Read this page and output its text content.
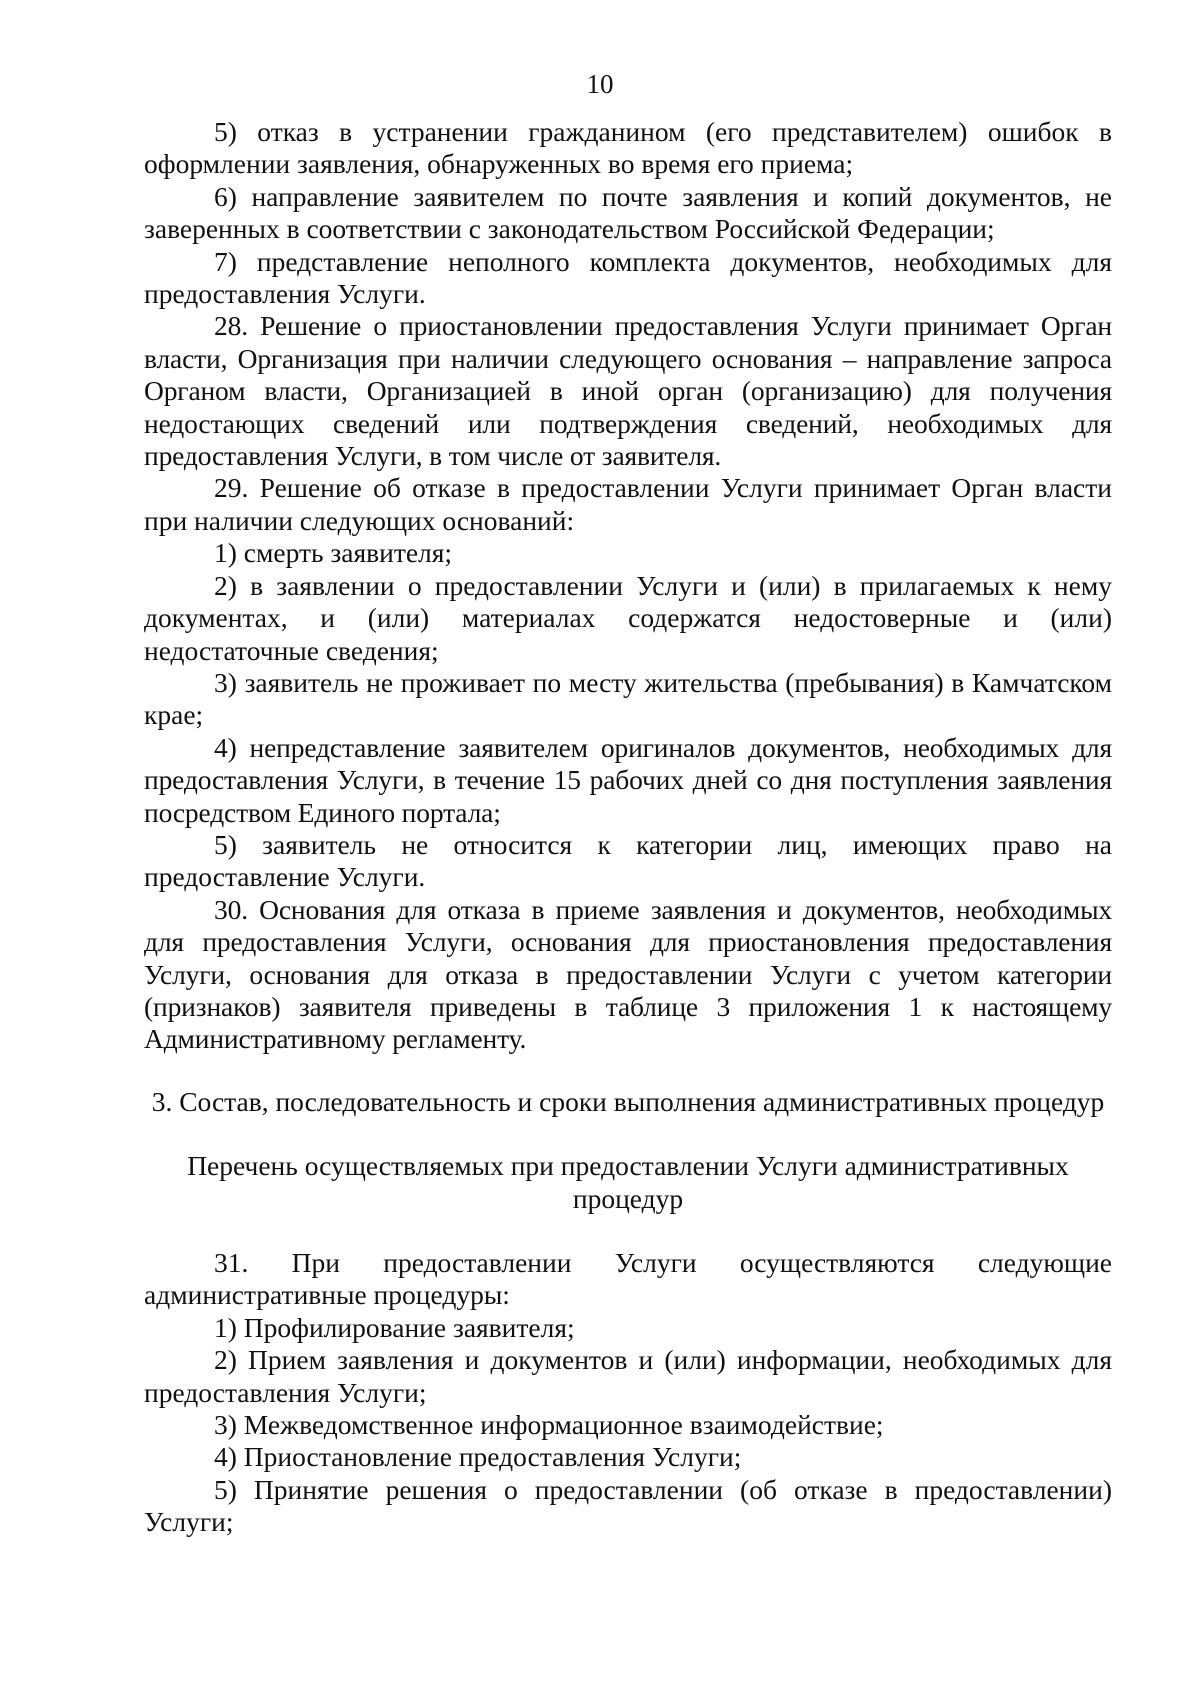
10

5) отказ в устранении гражданином (его представителем) ошибок в оформлении заявления, обнаруженных во время его приема;

6) направление заявителем по почте заявления и копий документов, не заверенных в соответствии с законодательством Российской Федерации;

7) представление неполного комплекта документов, необходимых для предоставления Услуги.

28. Решение о приостановлении предоставления Услуги принимает Орган власти, Организация при наличии следующего основания – направление запроса Органом власти, Организацией в иной орган (организацию) для получения недостающих сведений или подтверждения сведений, необходимых для предоставления Услуги, в том числе от заявителя.

29. Решение об отказе в предоставлении Услуги принимает Орган власти при наличии следующих оснований:

1) смерть заявителя;

2) в заявлении о предоставлении Услуги и (или) в прилагаемых к нему документах, и (или) материалах содержатся недостоверные и (или) недостаточные сведения;

3) заявитель не проживает по месту жительства (пребывания) в Камчатском крае;

4) непредставление заявителем оригиналов документов, необходимых для предоставления Услуги, в течение 15 рабочих дней со дня поступления заявления посредством Единого портала;

5) заявитель не относится к категории лиц, имеющих право на предоставление Услуги.

30. Основания для отказа в приеме заявления и документов, необходимых для предоставления Услуги, основания для приостановления предоставления Услуги, основания для отказа в предоставлении Услуги с учетом категории (признаков) заявителя приведены в таблице 3 приложения 1 к настоящему Административному регламенту.

3. Состав, последовательность и сроки выполнения административных процедур
Перечень осуществляемых при предоставлении Услуги административных процедур

31. При предоставлении Услуги осуществляются следующие административные процедуры:

1) Профилирование заявителя;

2) Прием заявления и документов и (или) информации, необходимых для предоставления Услуги;

3) Межведомственное информационное взаимодействие;

4) Приостановление предоставления Услуги;

5) Принятие решения о предоставлении (об отказе в предоставлении) Услуги;
